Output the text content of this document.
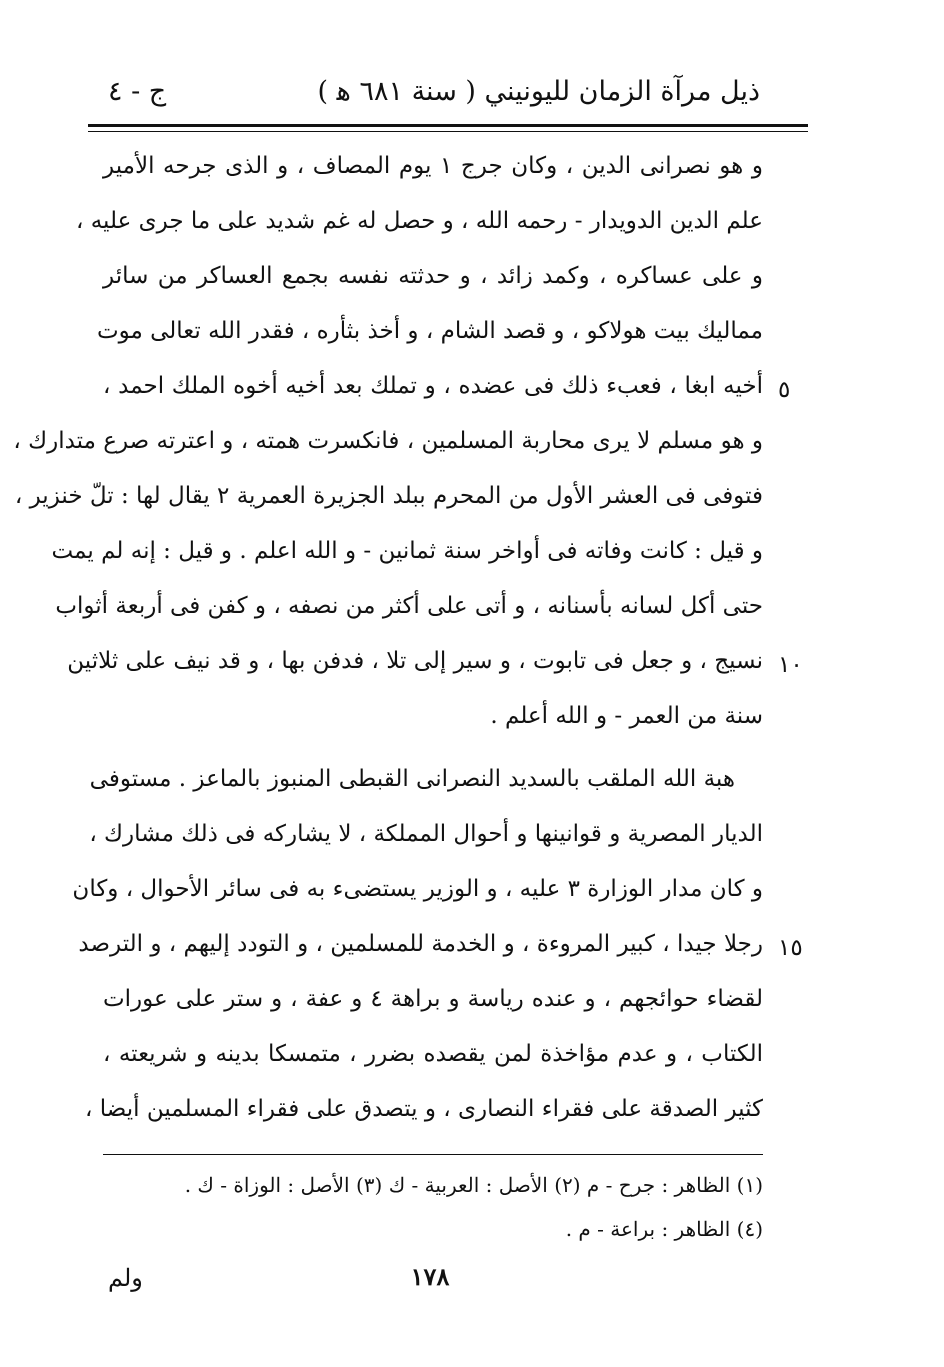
ج - ٤	ذيل مرآة الزمان لليونيني ( سنة ٦٨١ ﻫ )
و هو نصرانى الدين ، وكان جرج ١ يوم المصاف ، و الذى جرحه الأمير
علم الدين الدويدار - رحمه الله ، و حصل له غم شديد على ما جرى عليه ،
و على عساكره ، وكمد زائد ، و حدثته نفسه بجمع العساكر من سائر
مماليك بيت هولاكو ، و قصد الشام ، و أخذ بثأره ، فقدر الله تعالى موت
أخيه ابغا ، فعبء ذلك فى عضده ، و تملك بعد أخيه أخوه الملك احمد ،
و هو مسلم لا يرى محاربة المسلمين ، فانكسرت همته ، و اعترته صرع متدارك ،
فتوفى فى العشر الأول من المحرم ببلد الجزيرة العمرية ٢ يقال لها : تلّ خنزير ،
و قيل : كانت وفاته فى أواخر سنة ثمانين - و الله اعلم . و قيل : إنه لم يمت
حتى أكل لسانه بأسنانه ، و أتى على أكثر من نصفه ، و كفن فى أربعة أثواب
نسيج ، و جعل فى تابوت ، و سير إلى تلا ، فدفن بها ، و قد نيف على ثلاثين
سنة من العمر - و الله أعلم .
هبة الله الملقب بالسديد النصرانى القبطى المنبوز بالماعز . مستوفى
الديار المصرية و قوانينها و أحوال المملكة ، لا يشاركه فى ذلك مشارك ،
و كان مدار الوزارة ٣ عليه ، و الوزير يستضىء به فى سائر الأحوال ، وكان
رجلا جيدا ، كبير المروءة ، و الخدمة للمسلمين ، و التودد إليهم ، و الترصد
لقضاء حوائجهم ، و عنده رياسة و براهة ٤ و عفة ، و ستر على عورات
الكتاب ، و عدم مؤاخذة لمن يقصده بضرر ، متمسكا بدينه و شريعته ،
كثير الصدقة على فقراء النصارى ، و يتصدق على فقراء المسلمين أيضا ،
٥
١٠
١٥
(١) الظاهر : جرح - م (٢) الأصل : العربية - ك (٣) الأصل : الوزاة - ك .
(٤) الظاهر : براعة - م .
١٧٨
ولم
